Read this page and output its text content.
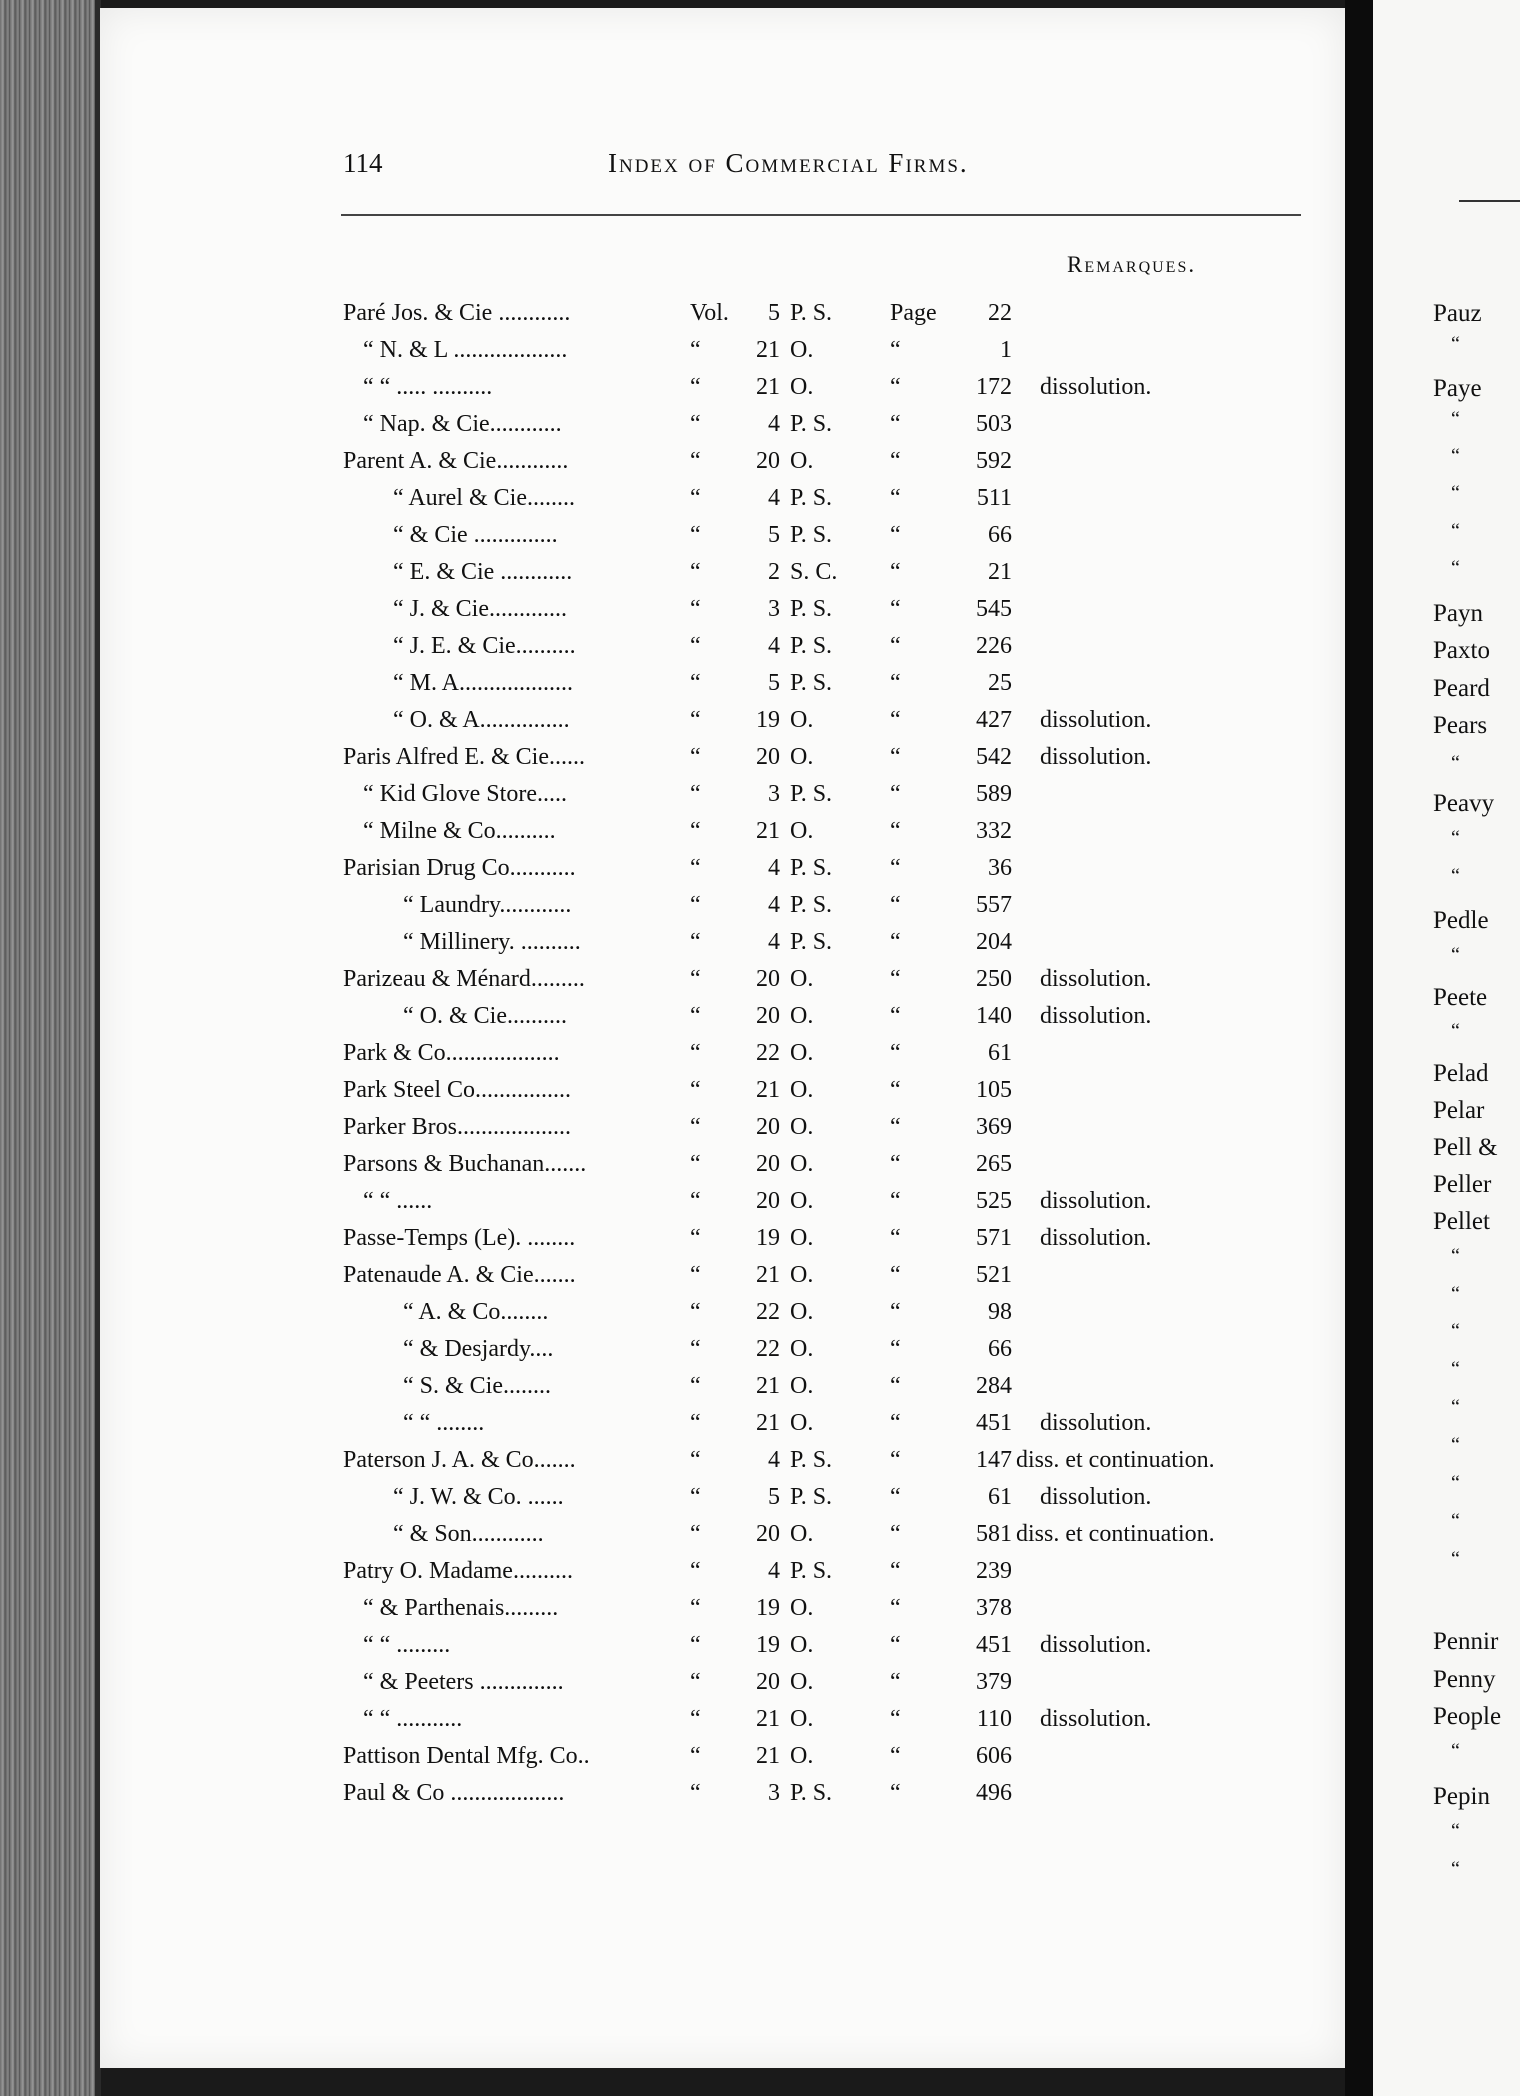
114	Index of Commercial Firms.
Remarques.
Paré Jos. & Cie ............	Vol.	5 P. S.	Page	22
“ N. & L ...................	“	21 O.	“	1
“ “ ..... ..........	“	21 O.	“	172 dissolution.
“ Nap. & Cie............	“	4 P. S.	“	503
Parent A. & Cie............	“	20 O.	“	592
“ Aurel & Cie........	“	4 P. S.	“	511
“ & Cie ..............	“	5 P. S.	“	66
“ E. & Cie ............	“	2 S. C.	“	21
“ J. & Cie.............	“	3 P. S.	“	545
“ J. E. & Cie..........	“	4 P. S.	“	226
“ M. A...................	“	5 P. S.	“	25
“ O. & A...............	“	19 O.	“	427 dissolution.
Paris Alfred E. & Cie......	“	20 O.	“	542 dissolution.
“ Kid Glove Store.....	“	3 P. S.	“	589
“ Milne & Co..........	“	21 O.	“	332
Parisian Drug Co...........	“	4 P. S.	“	36
“ Laundry............	“	4 P. S.	“	557
“ Millinery. ..........	“	4 P. S.	“	204
Parizeau & Ménard.........	“	20 O.	“	250 dissolution.
“ O. & Cie..........	“	20 O.	“	140 dissolution.
Park & Co...................	“	22 O.	“	61
Park Steel Co................	“	21 O.	“	105
Parker Bros...................	“	20 O.	“	369
Parsons & Buchanan.......	“	20 O.	“	265
“ “ ......	“	20 O.	“	525 dissolution.
Passe-Temps (Le). ........	“	19 O.	“	571 dissolution.
Patenaude A. & Cie.......	“	21 O.	“	521
“ A. & Co........	“	22 O.	“	98
“ & Desjardy....	“	22 O.	“	66
“ S. & Cie........	“	21 O.	“	284
“ “ ........	“	21 O.	“	451 dissolution.
Paterson J. A. & Co.......	“	4 P. S.	“	147 diss. et continuation.
“ J. W. & Co. ......	“	5 P. S.	“	61 dissolution.
“ & Son............	“	20 O.	“	581 diss. et continuation.
Patry O. Madame..........	“	4 P. S.	“	239
“ & Parthenais.........	“	19 O.	“	378
“ “ .........	“	19 O.	“	451 dissolution.
“ & Peeters ..............	“	20 O.	“	379
“ “ ...........	“	21 O.	“	110 dissolution.
Pattison Dental Mfg. Co..	“	21 O.	“	606
Paul & Co ...................	“	3 P. S.	“	496
Pauz
“
Paye
“
“
“
“
“
Payn
Paxto
Peard
Pears
“
Peavy
“
“
Pedle
“
Peete
“
Pelad
Pelar
Pell &
Peller
Pellet
“
“
“
“
“
“
“
“
“
Pennir
Penny
People
“
Pepin
“
“
